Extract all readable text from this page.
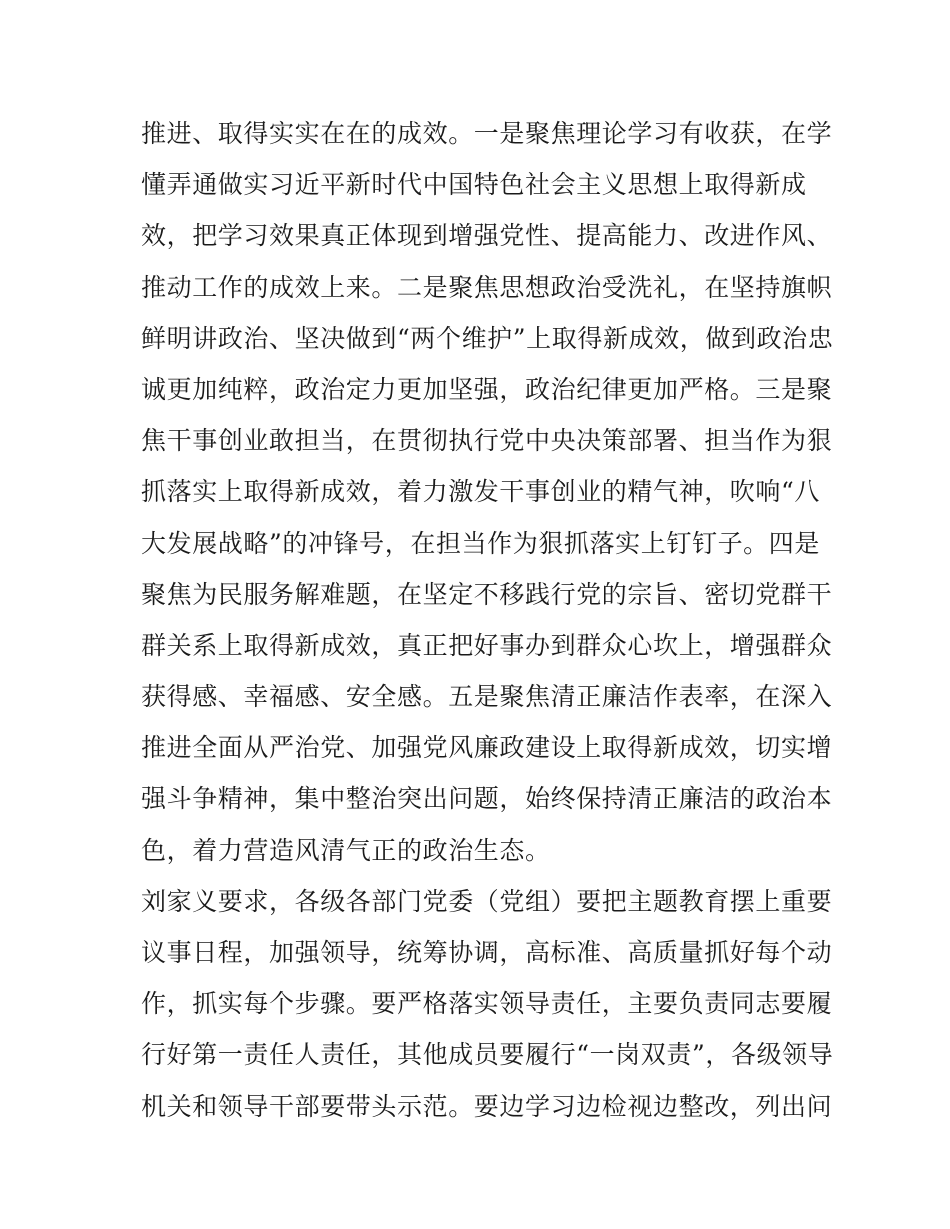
推进、取得实实在在的成效。一是聚焦理论学习有收获，在学
懂弄通做实习近平新时代中国特色社会主义思想上取得新成
效，把学习效果真正体现到增强党性、提高能力、改进作风、
推动工作的成效上来。二是聚焦思想政治受洗礼，在坚持旗帜
鲜明讲政治、坚决做到“两个维护”上取得新成效，做到政治忠
诚更加纯粹，政治定力更加坚强，政治纪律更加严格。三是聚
焦干事创业敢担当，在贯彻执行党中央决策部署、担当作为狠
抓落实上取得新成效，着力激发干事创业的精气神，吹响“八
大发展战略”的冲锋号，在担当作为狠抓落实上钉钉子。四是
聚焦为民服务解难题，在坚定不移践行党的宗旨、密切党群干
群关系上取得新成效，真正把好事办到群众心坎上，增强群众
获得感、幸福感、安全感。五是聚焦清正廉洁作表率，在深入
推进全面从严治党、加强党风廉政建设上取得新成效，切实增
强斗争精神，集中整治突出问题，始终保持清正廉洁的政治本
色，着力营造风清气正的政治生态。
刘家义要求，各级各部门党委（党组）要把主题教育摆上重要
议事日程，加强领导，统筹协调，高标准、高质量抓好每个动
作，抓实每个步骤。要严格落实领导责任，主要负责同志要履
行好第一责任人责任，其他成员要履行“一岗双责”，各级领导
机关和领导干部要带头示范。要边学习边检视边整改，列出问
